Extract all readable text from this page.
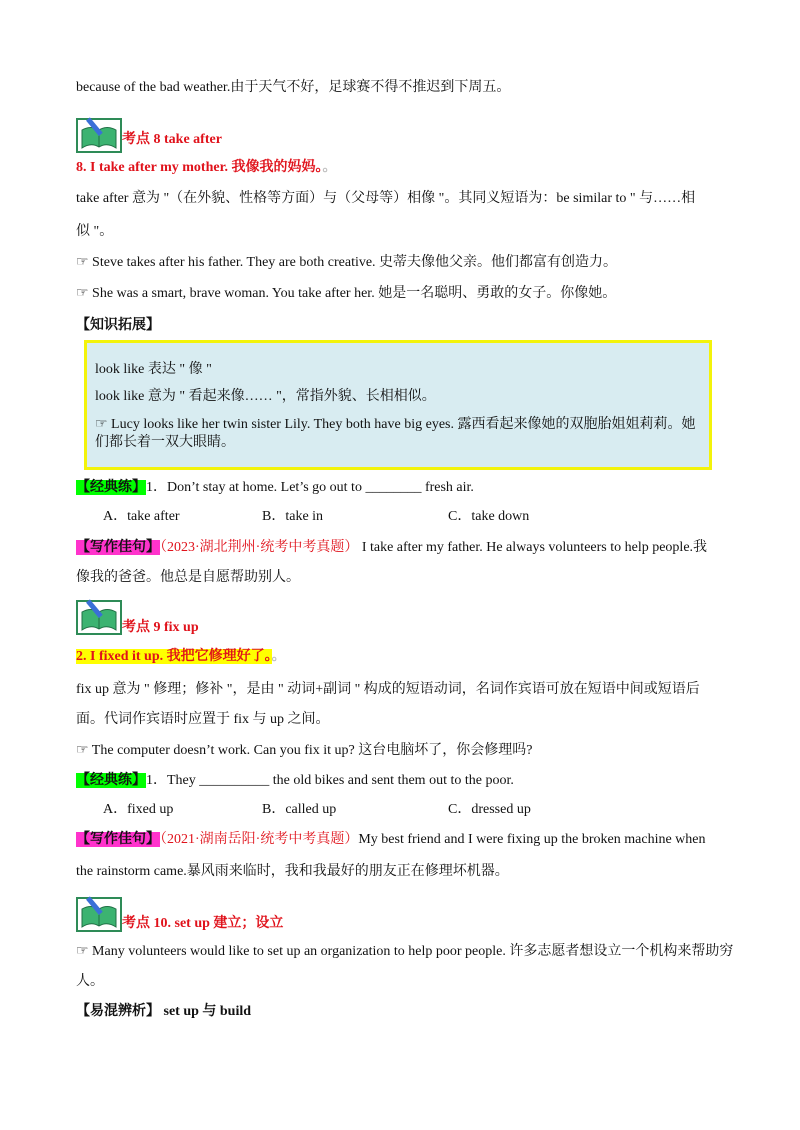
because of the bad weather.由于天气不好，足球赛不得不推迟到下周五。
考点 8 take after
8. I take after my mother. 我像我的妈妈。。
take after 意为 "（在外貌、性格等方面）与（父母等）相像 "。其同义短语为：be similar to " 与……相
似 "。
☞ Steve takes after his father. They are both creative. 史蒂夫像他父亲。他们都富有创造力。
☞ She was a smart, brave woman. You take after her. 她是一名聪明、勇敢的女子。你像她。
【知识拓展】
look like 表达 " 像 "
look like 意为 " 看起来像…… "，常指外貌、长相相似。
☞ Lucy looks like her twin sister Lily. They both have big eyes. 露西看起来像她的双胞胎姐姐莉莉。她
们都长着一双大眼睛。
【经典练】1．Don’t stay at home. Let’s go out to ________ fresh air.
A．take after	B．take in	C．take down
【写作佳句】（2023·湖北荆州·统考中考真题） I take after my father. He always volunteers to help people.我
像我的爸爸。他总是自愿帮助别人。
考点 9 fix up
2. I fixed it up. 我把它修理好了。。
fix up 意为 " 修理；修补 "，是由 " 动词+副词 " 构成的短语动词，名词作宾语可放在短语中间或短语后
面。代词作宾语时应置于 fix 与 up 之间。
☞ The computer doesn’t work. Can you fix it up? 这台电脑坏了，你会修理吗?
【经典练】1．They __________ the old bikes and sent them out to the poor.
A．fixed up	B．called up	C．dressed up
【写作佳句】（2021·湖南岳阳·统考中考真题）My best friend and I were fixing up the broken machine when
the rainstorm came.暴风雨来临时，我和我最好的朋友正在修理坏机器。
考点 10. set up 建立；设立
☞ Many volunteers would like to set up an organization to help poor people. 许多志愿者想设立一个机构来帮助穷
人。
【易混辨析】 set up 与 build
